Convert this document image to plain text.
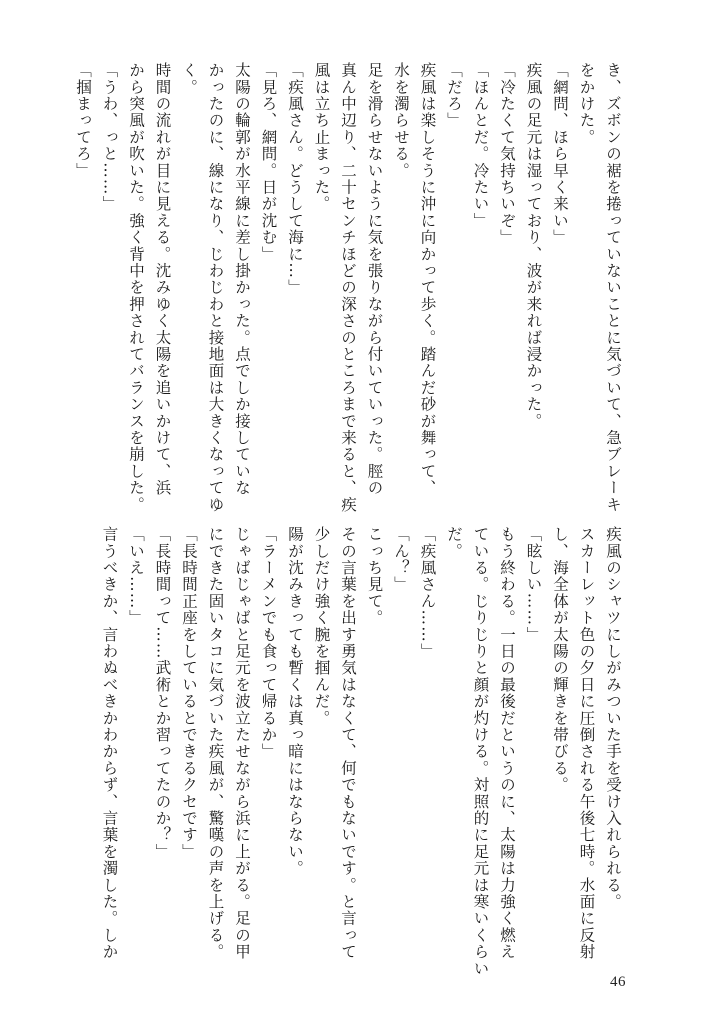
き、ズボンの裾を捲っていないことに気づいて、急ブレーキ
をかけた。
「網問、ほら早く来い」
疾風の足元は湿っており、波が来れば浸かった。
「冷たくて気持ちいぞ」
「ほんとだ。冷たい」
「だろ」
疾風は楽しそうに沖に向かって歩く。踏んだ砂が舞って、
水を濁らせる。
足を滑らせないように気を張りながら付いていった。脛の
真ん中辺り、二十センチほどの深さのところまで来ると、疾
風は立ち止まった。
「疾風さん。どうして海に…」
「見ろ、網問。日が沈む」
太陽の輪郭が水平線に差し掛かった。点でしか接していな
かったのに、線になり、じわじわと接地面は大きくなってゆ
く。
時間の流れが目に見える。沈みゆく太陽を追いかけて、浜
から突風が吹いた。強く背中を押されてバランスを崩した。
「うわ、っと……」
「掴まってろ」
疾風のシャツにしがみついた手を受け入れられる。
スカーレット色の夕日に圧倒される午後七時。水面に反射
し、海全体が太陽の輝きを帯びる。
「眩しい……」
もう終わる。一日の最後だというのに、太陽は力強く燃え
ている。じりじりと顔が灼ける。対照的に足元は寒いくらい
だ。
「疾風さん……」
「ん？」
こっち見て。
その言葉を出す勇気はなくて、何でもないです。と言って
少しだけ強く腕を掴んだ。
陽が沈みきっても暫くは真っ暗にはならない。
「ラーメンでも食って帰るか」
じゃばじゃばと足元を波立たせながら浜に上がる。足の甲
にできた固いタコに気づいた疾風が、驚嘆の声を上げる。
「長時間正座をしているとできるクセです」
「長時間って……武術とか習ってたのか？」
「いえ……」
言うべきか、言わぬべきかわからず、言葉を濁した。しか
46
